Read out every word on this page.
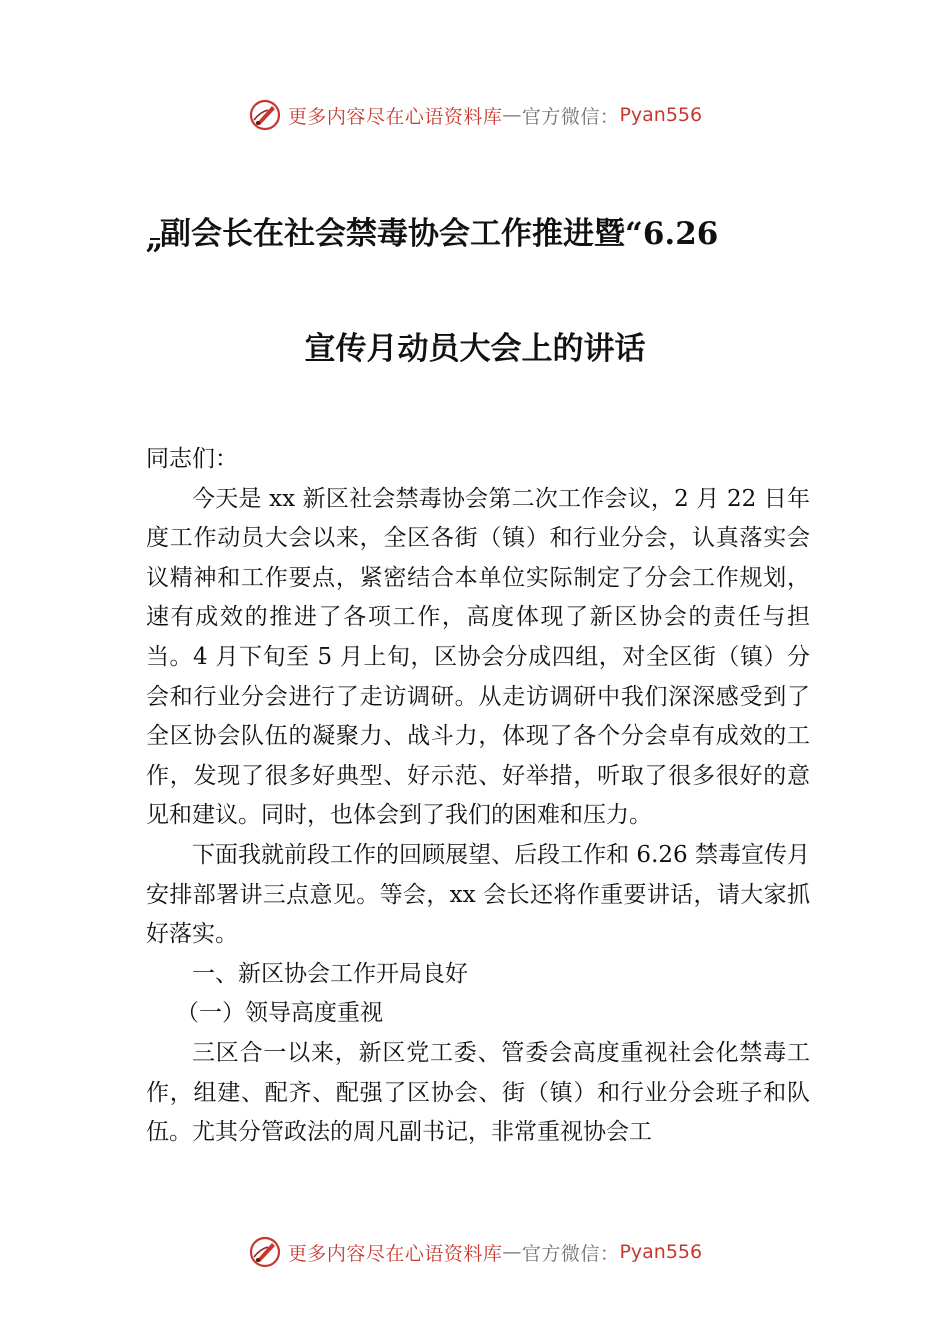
更多内容尽在心语资料库 — 官方微信： Pyan556
副会长在社会禁毒协会工作推进暨“6.26
”
宣传月动员大会上的讲话

同志们：

今天是 xx 新区社会禁毒协会第二次工作会议，2 月 22 日年度工作动员大会以来，全区各街（镇）和行业分会，认真落实会议精神和工作要点，紧密结合本单位实际制定了分会工作规划，速有成效的推进了各项工作，高度体现了新区协会的责任与担当。4 月下旬至 5 月上旬，区协会分成四组，对全区街（镇）分会和行业分会进行了走访调研。从走访调研中我们深深感受到了全区协会队伍的凝聚力、战斗力，体现了各个分会卓有成效的工作，发现了很多好典型、好示范、好举措，听取了很多很好的意见和建议。同时，也体会到了我们的困难和压力。

下面我就前段工作的回顾展望、后段工作和 6.26 禁毒宣传月安排部署讲三点意见。等会，xx 会长还将作重要讲话，请大家抓好落实。

一、新区协会工作开局良好

（一）领导高度重视

三区合一以来，新区党工委、管委会高度重视社会化禁毒工作，组建、配齐、配强了区协会、街（镇）和行业分会班子和队伍。尤其分管政法的周凡副书记，非常重视协会工

更多内容尽在心语资料库 — 官方微信： Pyan556
